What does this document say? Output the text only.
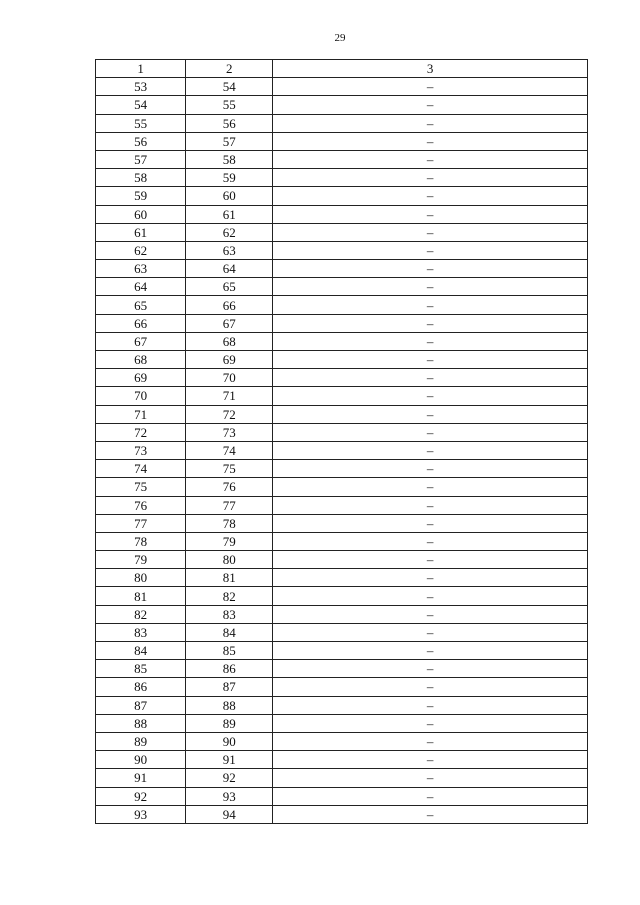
29
1	2	3
53	54	–
54	55	–
55	56	–
56	57	–
57	58	–
58	59	–
59	60	–
60	61	–
61	62	–
62	63	–
63	64	–
64	65	–
65	66	–
66	67	–
67	68	–
68	69	–
69	70	–
70	71	–
71	72	–
72	73	–
73	74	–
74	75	–
75	76	–
76	77	–
77	78	–
78	79	–
79	80	–
80	81	–
81	82	–
82	83	–
83	84	–
84	85	–
85	86	–
86	87	–
87	88	–
88	89	–
89	90	–
90	91	–
91	92	–
92	93	–
93	94	–
